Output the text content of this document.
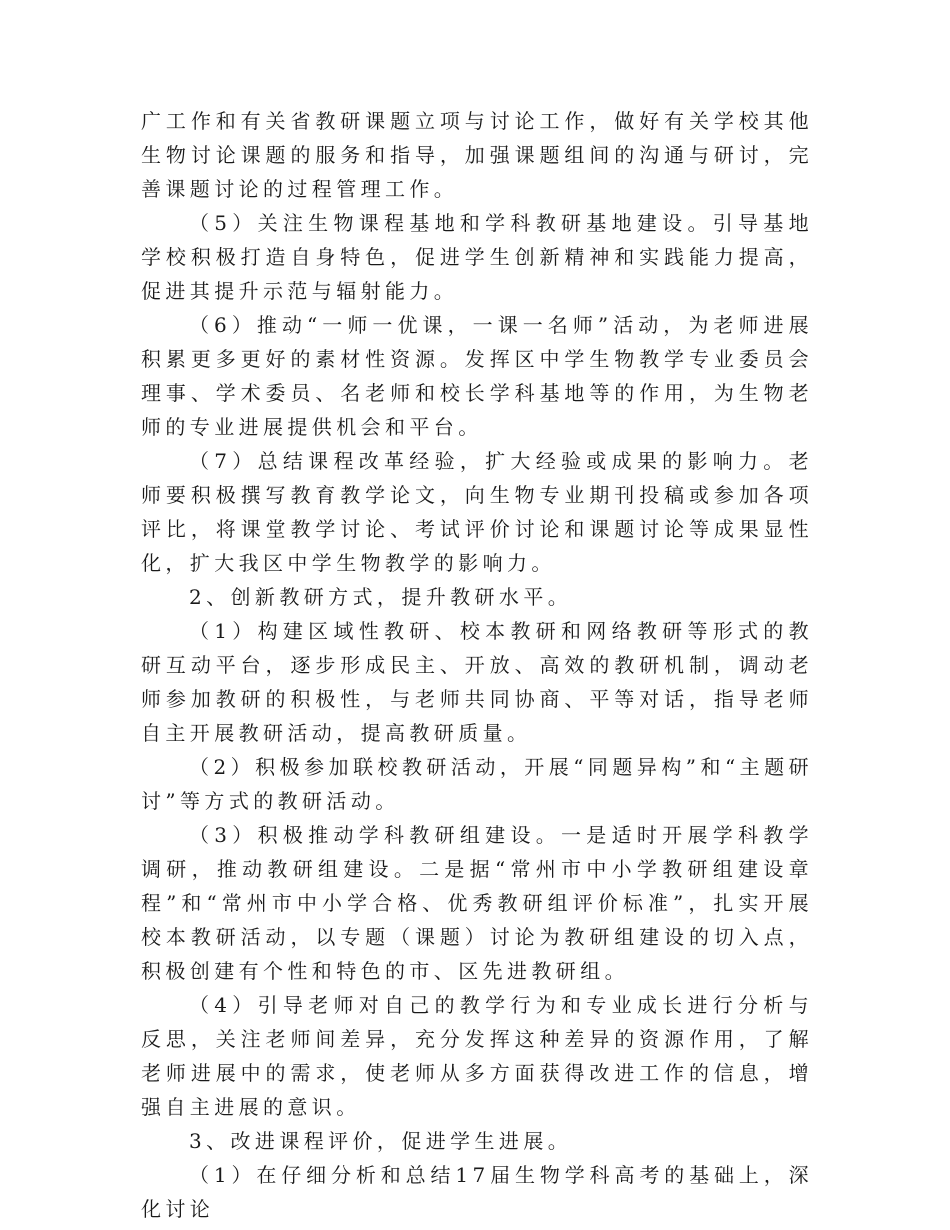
广工作和有关省教研课题立项与讨论工作，做好有关学校其他生物讨论课题的服务和指导，加强课题组间的沟通与研讨，完善课题讨论的过程管理工作。

（5）关注生物课程基地和学科教研基地建设。引导基地学校积极打造自身特色，促进学生创新精神和实践能力提高，促进其提升示范与辐射能力。

（6）推动“一师一优课，一课一名师”活动，为老师进展积累更多更好的素材性资源。发挥区中学生物教学专业委员会理事、学术委员、名老师和校长学科基地等的作用，为生物老师的专业进展提供机会和平台。

（7）总结课程改革经验，扩大经验或成果的影响力。老师要积极撰写教育教学论文，向生物专业期刊投稿或参加各项评比，将课堂教学讨论、考试评价讨论和课题讨论等成果显性化，扩大我区中学生物教学的影响力。

2、创新教研方式，提升教研水平。

（1）构建区域性教研、校本教研和网络教研等形式的教研互动平台，逐步形成民主、开放、高效的教研机制，调动老师参加教研的积极性，与老师共同协商、平等对话，指导老师自主开展教研活动，提高教研质量。

（2）积极参加联校教研活动，开展“同题异构”和“主题研讨”等方式的教研活动。

（3）积极推动学科教研组建设。一是适时开展学科教学调研，推动教研组建设。二是据“常州市中小学教研组建设章程”和“常州市中小学合格、优秀教研组评价标准”，扎实开展校本教研活动，以专题（课题）讨论为教研组建设的切入点，积极创建有个性和特色的市、区先进教研组。

（4）引导老师对自己的教学行为和专业成长进行分析与反思，关注老师间差异，充分发挥这种差异的资源作用，了解老师进展中的需求，使老师从多方面获得改进工作的信息，增强自主进展的意识。

3、改进课程评价，促进学生进展。

（1）在仔细分析和总结17届生物学科高考的基础上，深化讨论
